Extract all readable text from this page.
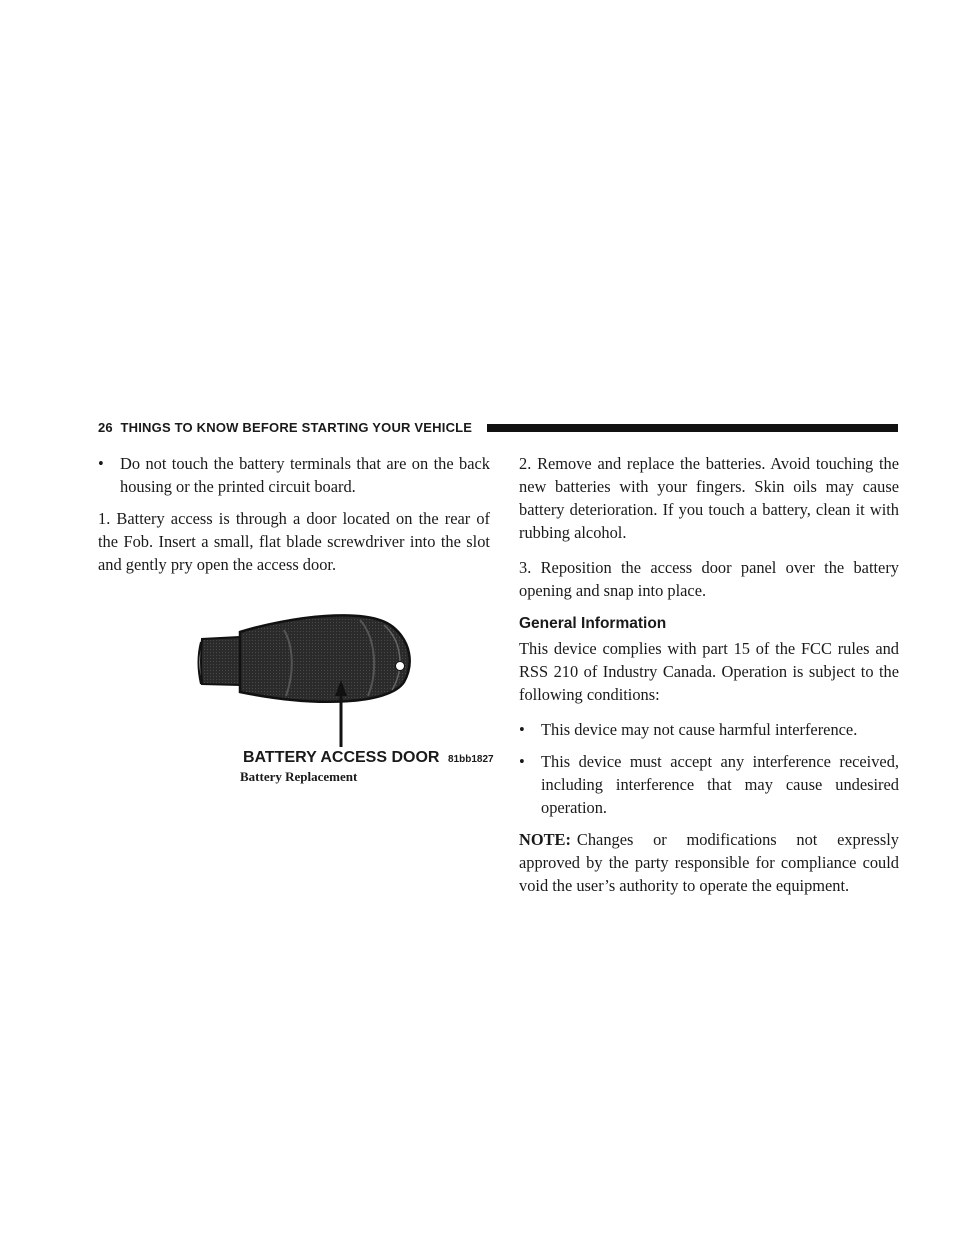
26 THINGS TO KNOW BEFORE STARTING YOUR VEHICLE
• Do not touch the battery terminals that are on the back housing or the printed circuit board.

1. Battery access is through a door located on the rear of the Fob. Insert a small, flat blade screwdriver into the slot and gently pry open the access door.

BATTERY ACCESS DOOR 81bb1827
Battery Replacement

2. Remove and replace the batteries. Avoid touching the new batteries with your fingers. Skin oils may cause battery deterioration. If you touch a battery, clean it with rubbing alcohol.

3. Reposition the access door panel over the battery opening and snap into place.

General Information

This device complies with part 15 of the FCC rules and RSS 210 of Industry Canada. Operation is subject to the following conditions:

• This device may not cause harmful interference.
• This device must accept any interference received, including interference that may cause undesired operation.

NOTE: Changes or modifications not expressly approved by the party responsible for compliance could void the user’s authority to operate the equipment.
